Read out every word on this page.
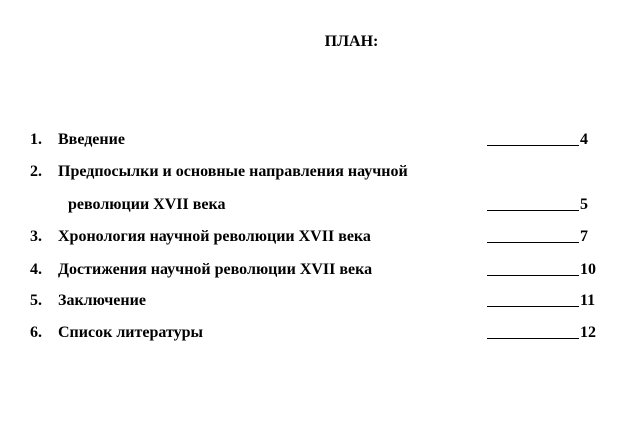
ПЛАН:
1. Введение	4
2. Предпосылки и основные направления научной
революции XVII века	5
3. Хронология научной революции XVII века	7
4. Достижения научной революции XVII века	10
5. Заключение	11
6. Список литературы	12
